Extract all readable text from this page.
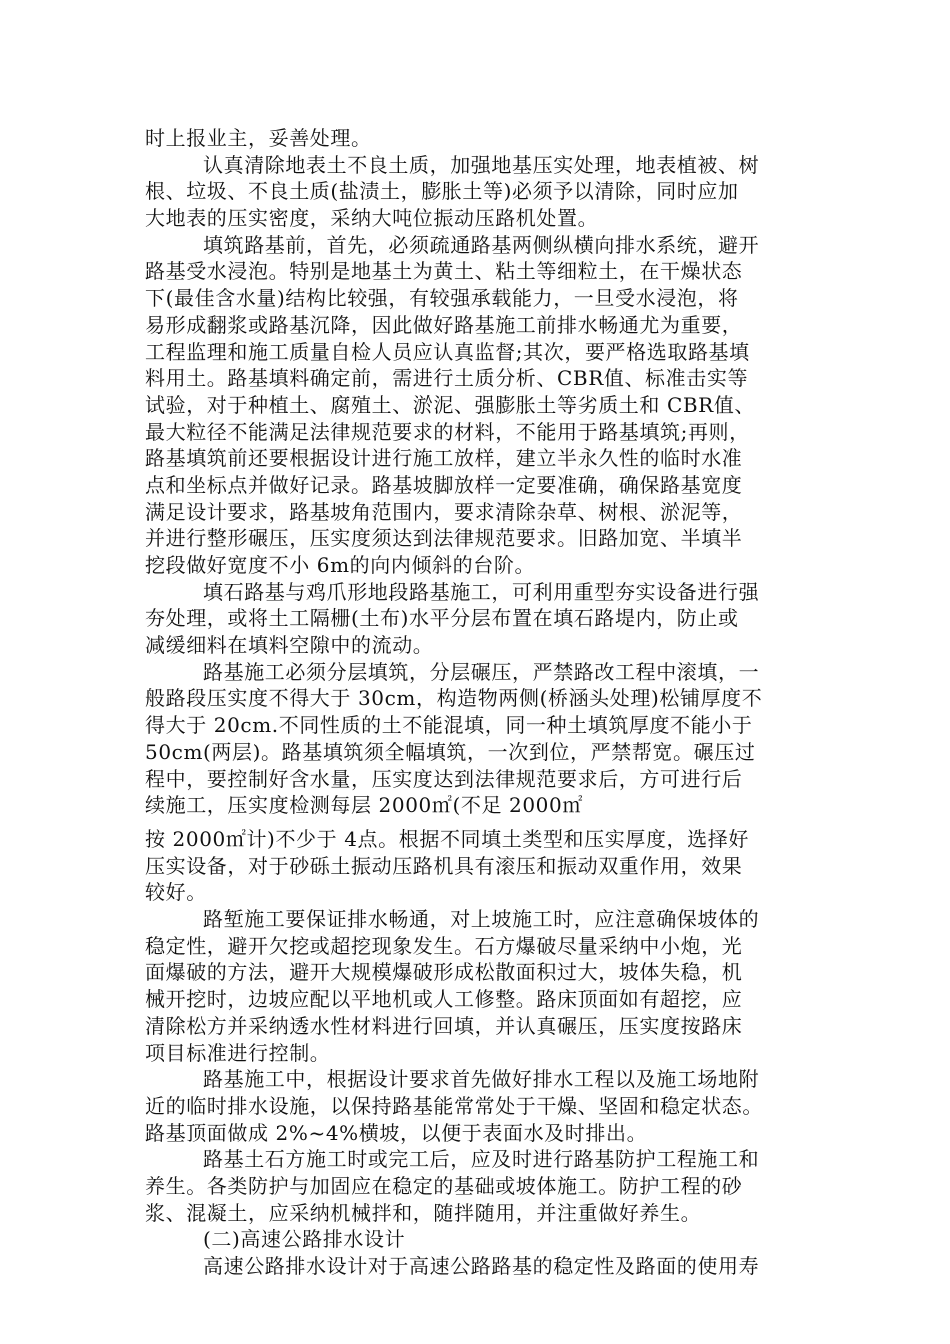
时上报业主，妥善处理。
认真清除地表土不良土质，加强地基压实处理，地表植被、树
根、垃圾、不良土质(盐渍土，膨胀土等)必须予以清除，同时应加
大地表的压实密度，采纳大吨位振动压路机处置。
填筑路基前，首先，必须疏通路基两侧纵横向排水系统，避开
路基受水浸泡。特别是地基土为黄土、粘土等细粒土，在干燥状态
下(最佳含水量)结构比较强，有较强承载能力，一旦受水浸泡，将
易形成翻浆或路基沉降，因此做好路基施工前排水畅通尤为重要，
工程监理和施工质量自检人员应认真监督;其次，要严格选取路基填
料用土。路基填料确定前，需进行土质分析、CBR值、标准击实等
试验，对于种植土、腐殖土、淤泥、强膨胀土等劣质土和 CBR值、
最大粒径不能满足法律规范要求的材料，不能用于路基填筑;再则，
路基填筑前还要根据设计进行施工放样，建立半永久性的临时水准
点和坐标点并做好记录。路基坡脚放样一定要准确，确保路基宽度
满足设计要求，路基坡角范围内，要求清除杂草、树根、淤泥等，
并进行整形碾压，压实度须达到法律规范要求。旧路加宽、半填半
挖段做好宽度不小 6m的向内倾斜的台阶。
填石路基与鸡爪形地段路基施工，可利用重型夯实设备进行强
夯处理，或将土工隔栅(土布)水平分层布置在填石路堤内，防止或
减缓细料在填料空隙中的流动。
路基施工必须分层填筑，分层碾压，严禁路改工程中滚填，一
般路段压实度不得大于 30cm，构造物两侧(桥涵头处理)松铺厚度不
得大于 20cm.不同性质的土不能混填，同一种土填筑厚度不能小于
50cm(两层)。路基填筑须全幅填筑，一次到位，严禁帮宽。碾压过
程中，要控制好含水量，压实度达到法律规范要求后，方可进行后
续施工，压实度检测每层 2000㎡(不足 2000㎡
按 2000㎡计)不少于 4点。根据不同填土类型和压实厚度，选择好
压实设备，对于砂砾土振动压路机具有滚压和振动双重作用，效果
较好。
路堑施工要保证排水畅通，对上坡施工时，应注意确保坡体的
稳定性，避开欠挖或超挖现象发生。石方爆破尽量采纳中小炮，光
面爆破的方法，避开大规模爆破形成松散面积过大，坡体失稳，机
械开挖时，边坡应配以平地机或人工修整。路床顶面如有超挖，应
清除松方并采纳透水性材料进行回填，并认真碾压，压实度按路床
项目标准进行控制。
路基施工中，根据设计要求首先做好排水工程以及施工场地附
近的临时排水设施，以保持路基能常常处于干燥、坚固和稳定状态。
路基顶面做成 2%~4%横坡，以便于表面水及时排出。
路基土石方施工时或完工后，应及时进行路基防护工程施工和
养生。各类防护与加固应在稳定的基础或坡体施工。防护工程的砂
浆、混凝土，应采纳机械拌和，随拌随用，并注重做好养生。
(二)高速公路排水设计
高速公路排水设计对于高速公路路基的稳定性及路面的使用寿
